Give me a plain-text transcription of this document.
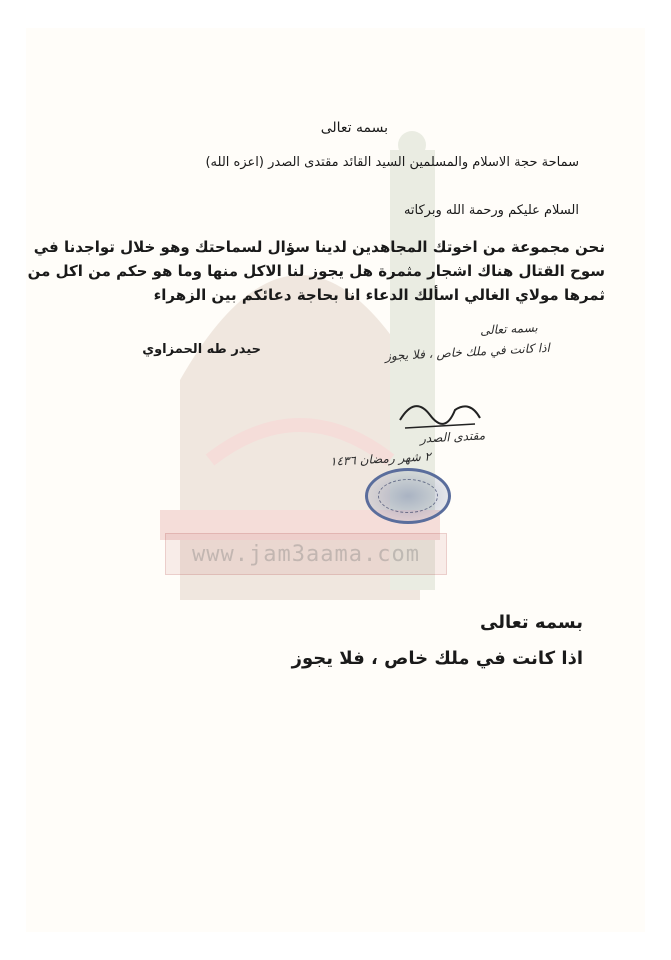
www.jam3aama.com
بسمه تعالى
سماحة حجة الاسلام والمسلمين السيد القائد مقتدى الصدر (اعزه الله)
السلام عليكم ورحمة الله وبركاته
نحن مجموعة من اخوتك المجاهدين لدينا سؤال لسماحتك وهو خلال تواجدنا في
سوح القتال هناك اشجار مثمرة هل يجوز لنا الاكل منها وما هو حكم من اكل من
ثمرها مولاي الغالي اسألك الدعاء انا بحاجة دعائكم بين الزهراء
حيدر طه الحمزاوي
بسمه تعالى
اذا كانت في ملك خاص ، فلا يجوز
مقتدى الصدر
٢ شهر رمضان ١٤٣٦
بسمه تعالى
اذا كانت في ملك خاص ، فلا يجوز
